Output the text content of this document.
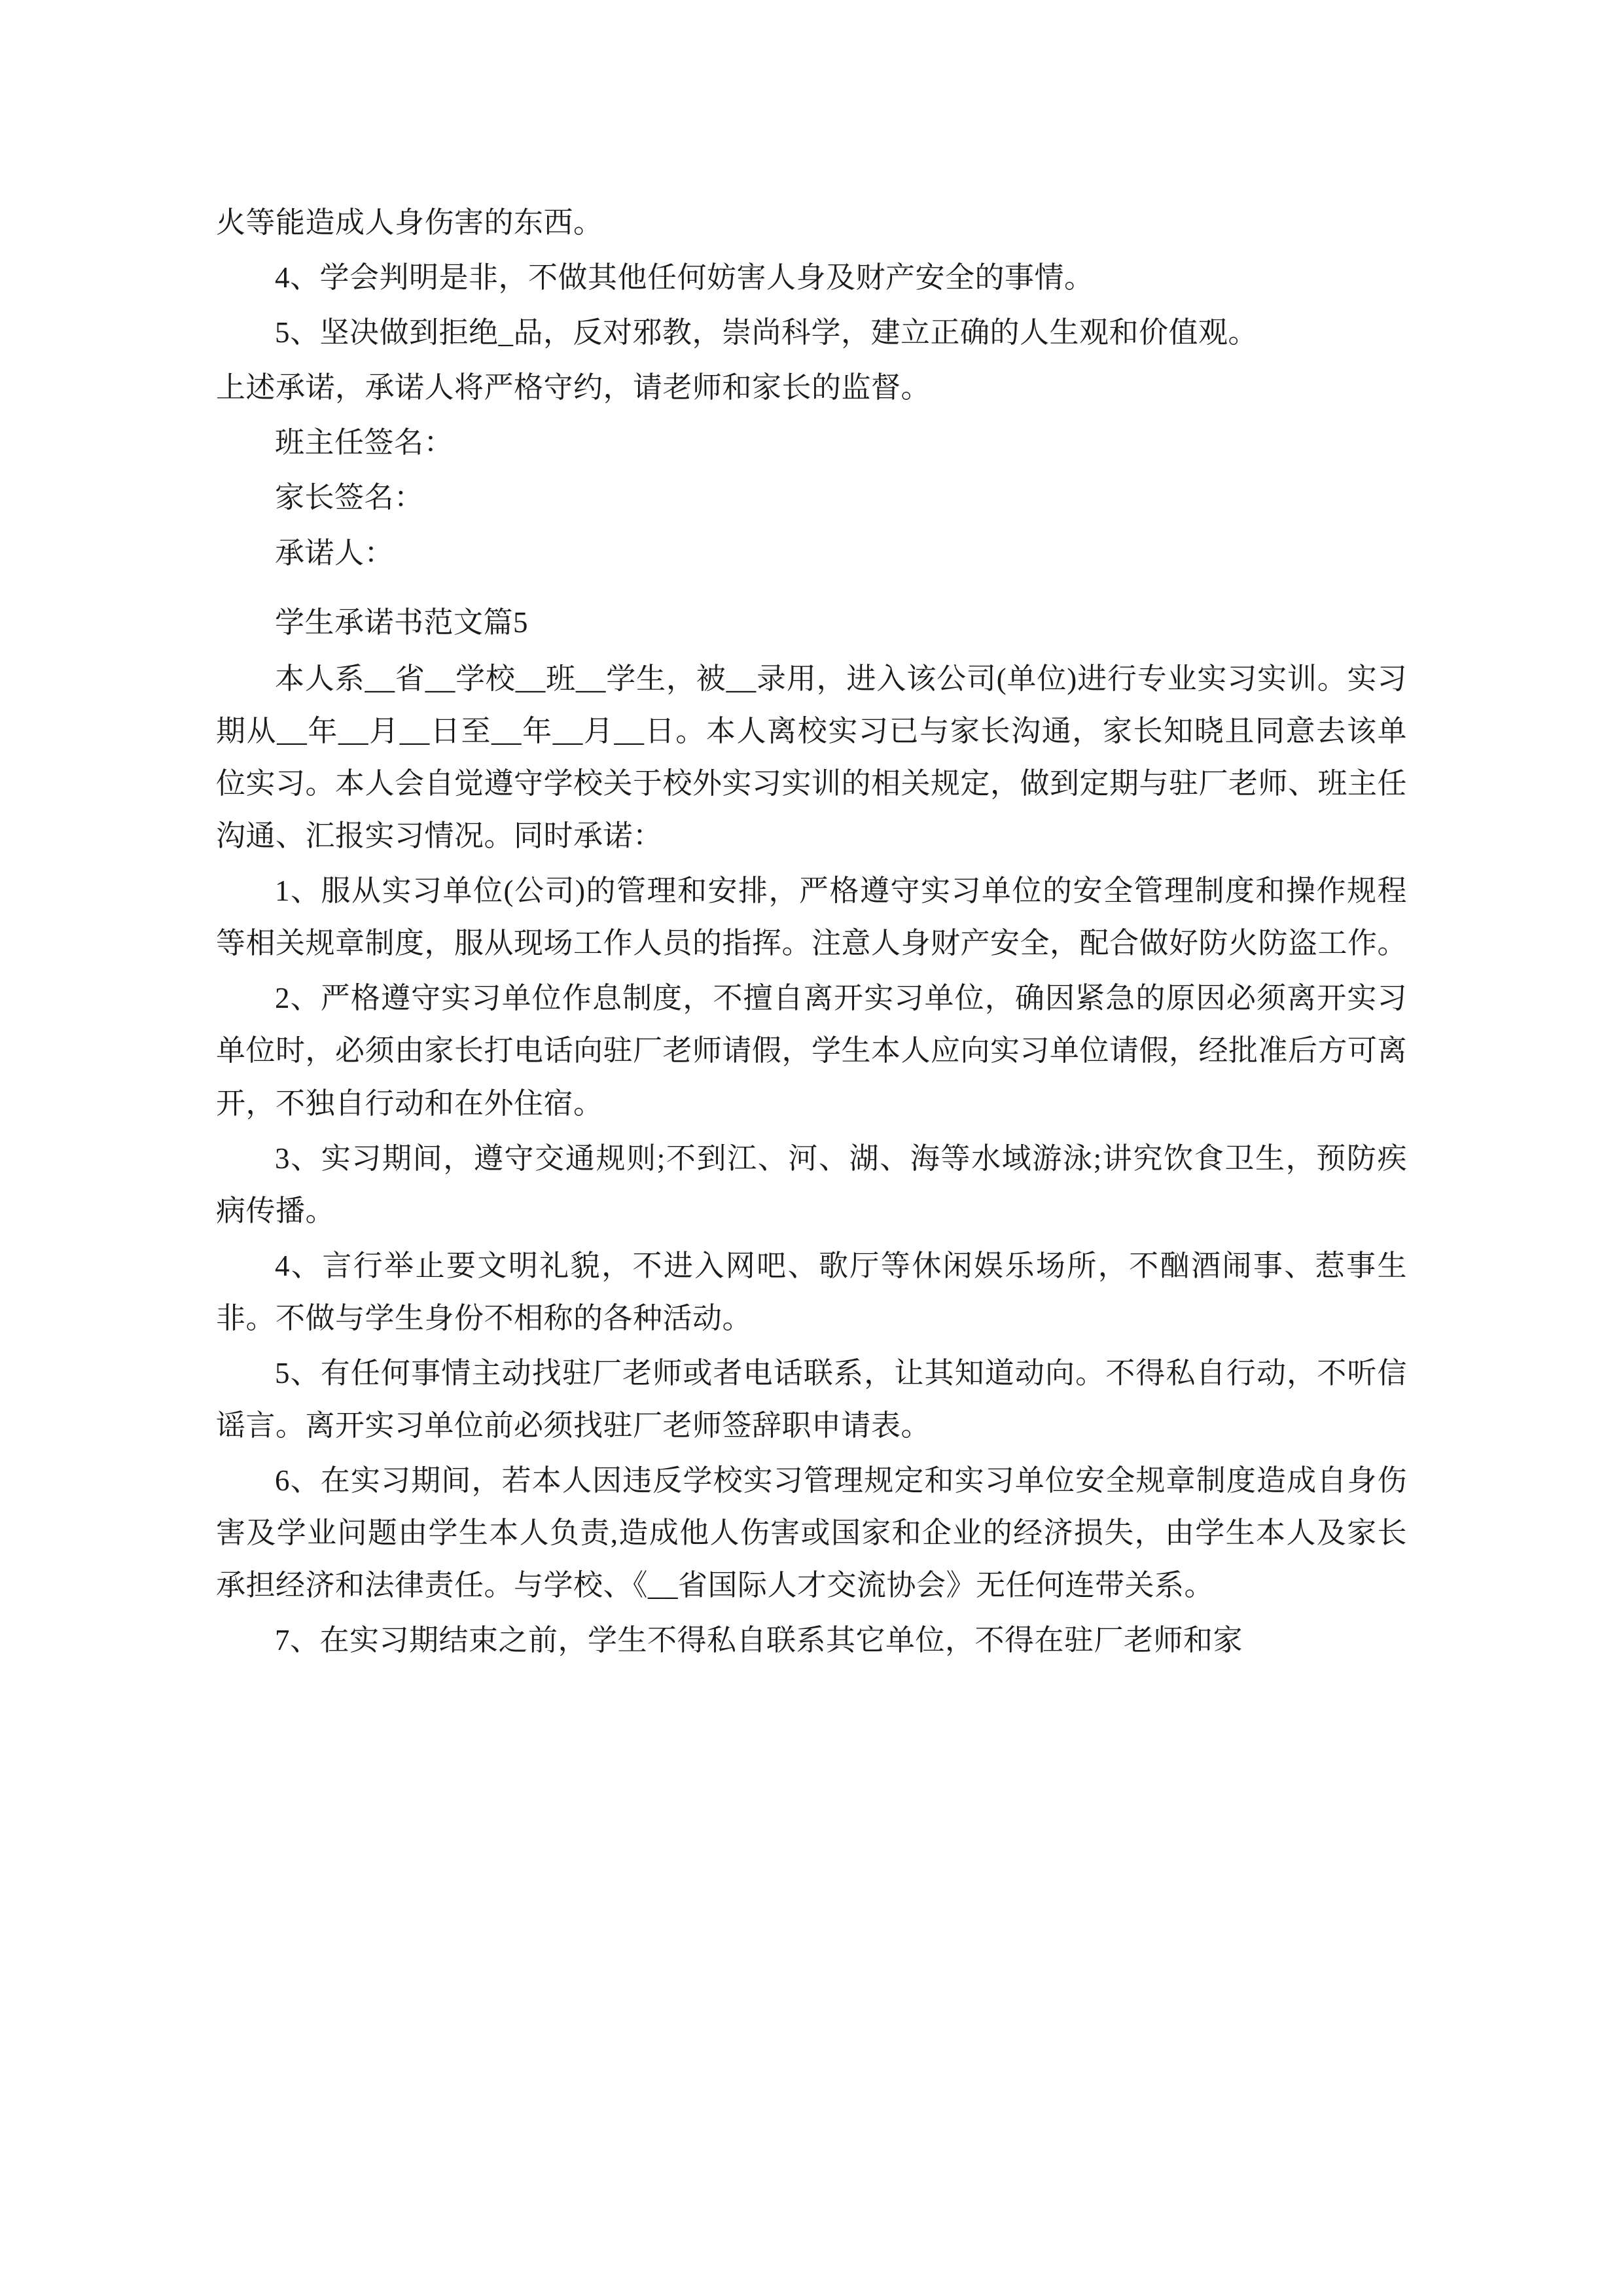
火等能造成人身伤害的东西。

4、学会判明是非，不做其他任何妨害人身及财产安全的事情。

5、坚决做到拒绝_品，反对邪教，崇尚科学，建立正确的人生观和价值观。

上述承诺，承诺人将严格守约，请老师和家长的监督。

班主任签名：

家长签名：

承诺人：

学生承诺书范文篇5

本人系__省__学校__班__学生，被__录用，进入该公司(单位)进行专业实习实训。实习期从__年__月__日至__年__月__日。本人离校实习已与家长沟通，家长知晓且同意去该单位实习。本人会自觉遵守学校关于校外实习实训的相关规定，做到定期与驻厂老师、班主任沟通、汇报实习情况。同时承诺：

1、服从实习单位(公司)的管理和安排，严格遵守实习单位的安全管理制度和操作规程等相关规章制度，服从现场工作人员的指挥。注意人身财产安全，配合做好防火防盗工作。

2、严格遵守实习单位作息制度，不擅自离开实习单位，确因紧急的原因必须离开实习单位时，必须由家长打电话向驻厂老师请假，学生本人应向实习单位请假，经批准后方可离开，不独自行动和在外住宿。

3、实习期间，遵守交通规则;不到江、河、湖、海等水域游泳;讲究饮食卫生，预防疾病传播。

4、言行举止要文明礼貌，不进入网吧、歌厅等休闲娱乐场所，不酗酒闹事、惹事生非。不做与学生身份不相称的各种活动。

5、有任何事情主动找驻厂老师或者电话联系，让其知道动向。不得私自行动，不听信谣言。离开实习单位前必须找驻厂老师签辞职申请表。

6、在实习期间，若本人因违反学校实习管理规定和实习单位安全规章制度造成自身伤害及学业问题由学生本人负责,造成他人伤害或国家和企业的经济损失，由学生本人及家长承担经济和法律责任。与学校、《__省国际人才交流协会》无任何连带关系。

7、在实习期结束之前，学生不得私自联系其它单位，不得在驻厂老师和家
